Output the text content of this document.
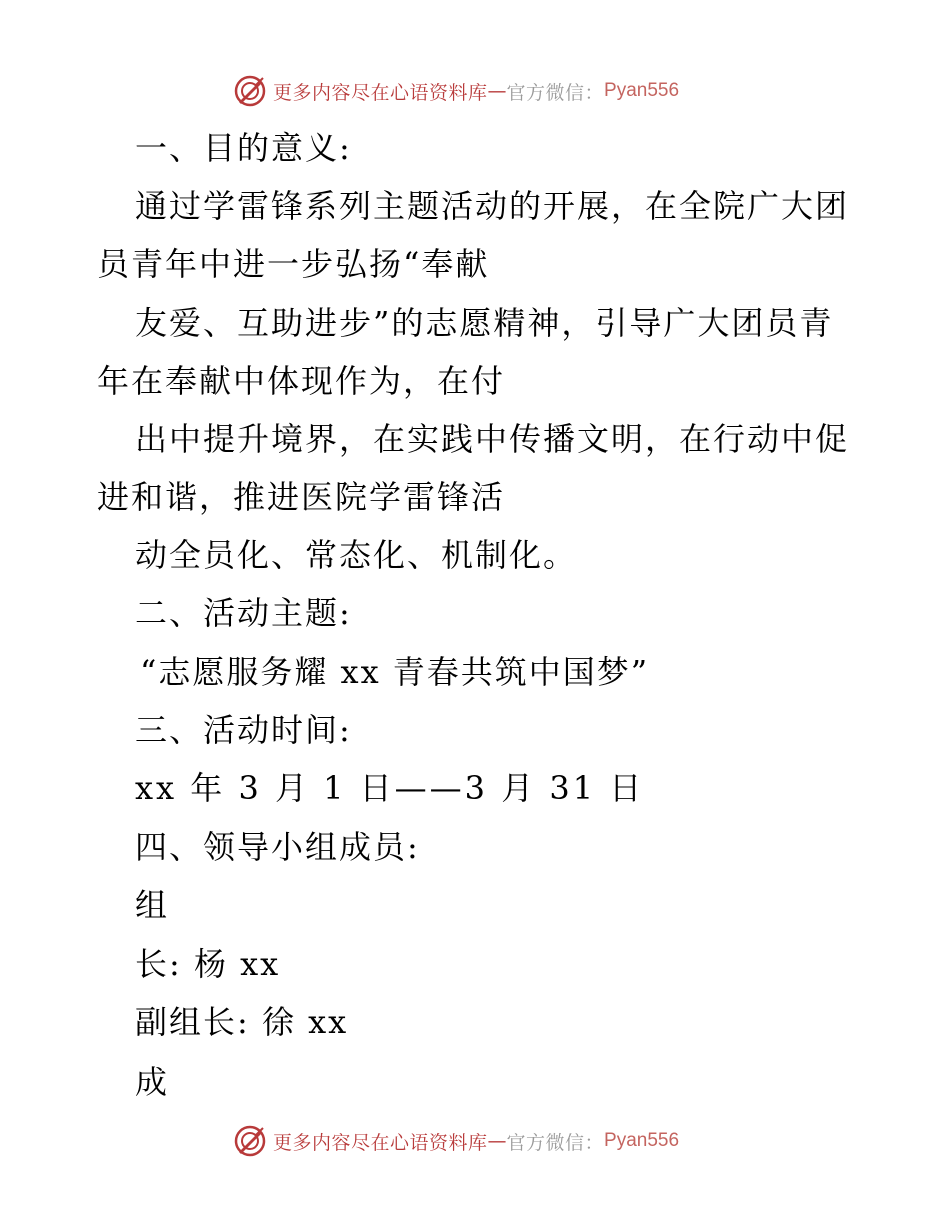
更多内容尽在心语资料库 — 官方微信： Pyan556
一、目的意义:
通过学雷锋系列主题活动的开展，在全院广大团
员青年中进一步弘扬“奉献
友爱、互助进步”的志愿精神，引导广大团员青
年在奉献中体现作为，在付
出中提升境界，在实践中传播文明，在行动中促
进和谐，推进医院学雷锋活
动全员化、常态化、机制化。
二、活动主题:
“志愿服务耀 xx 青春共筑中国梦”
三、活动时间:
xx 年 3 月 1 日——3 月 31 日
四、领导小组成员:
组
长: 杨 xx
副组长: 徐 xx
成
更多内容尽在心语资料库 — 官方微信： Pyan556
